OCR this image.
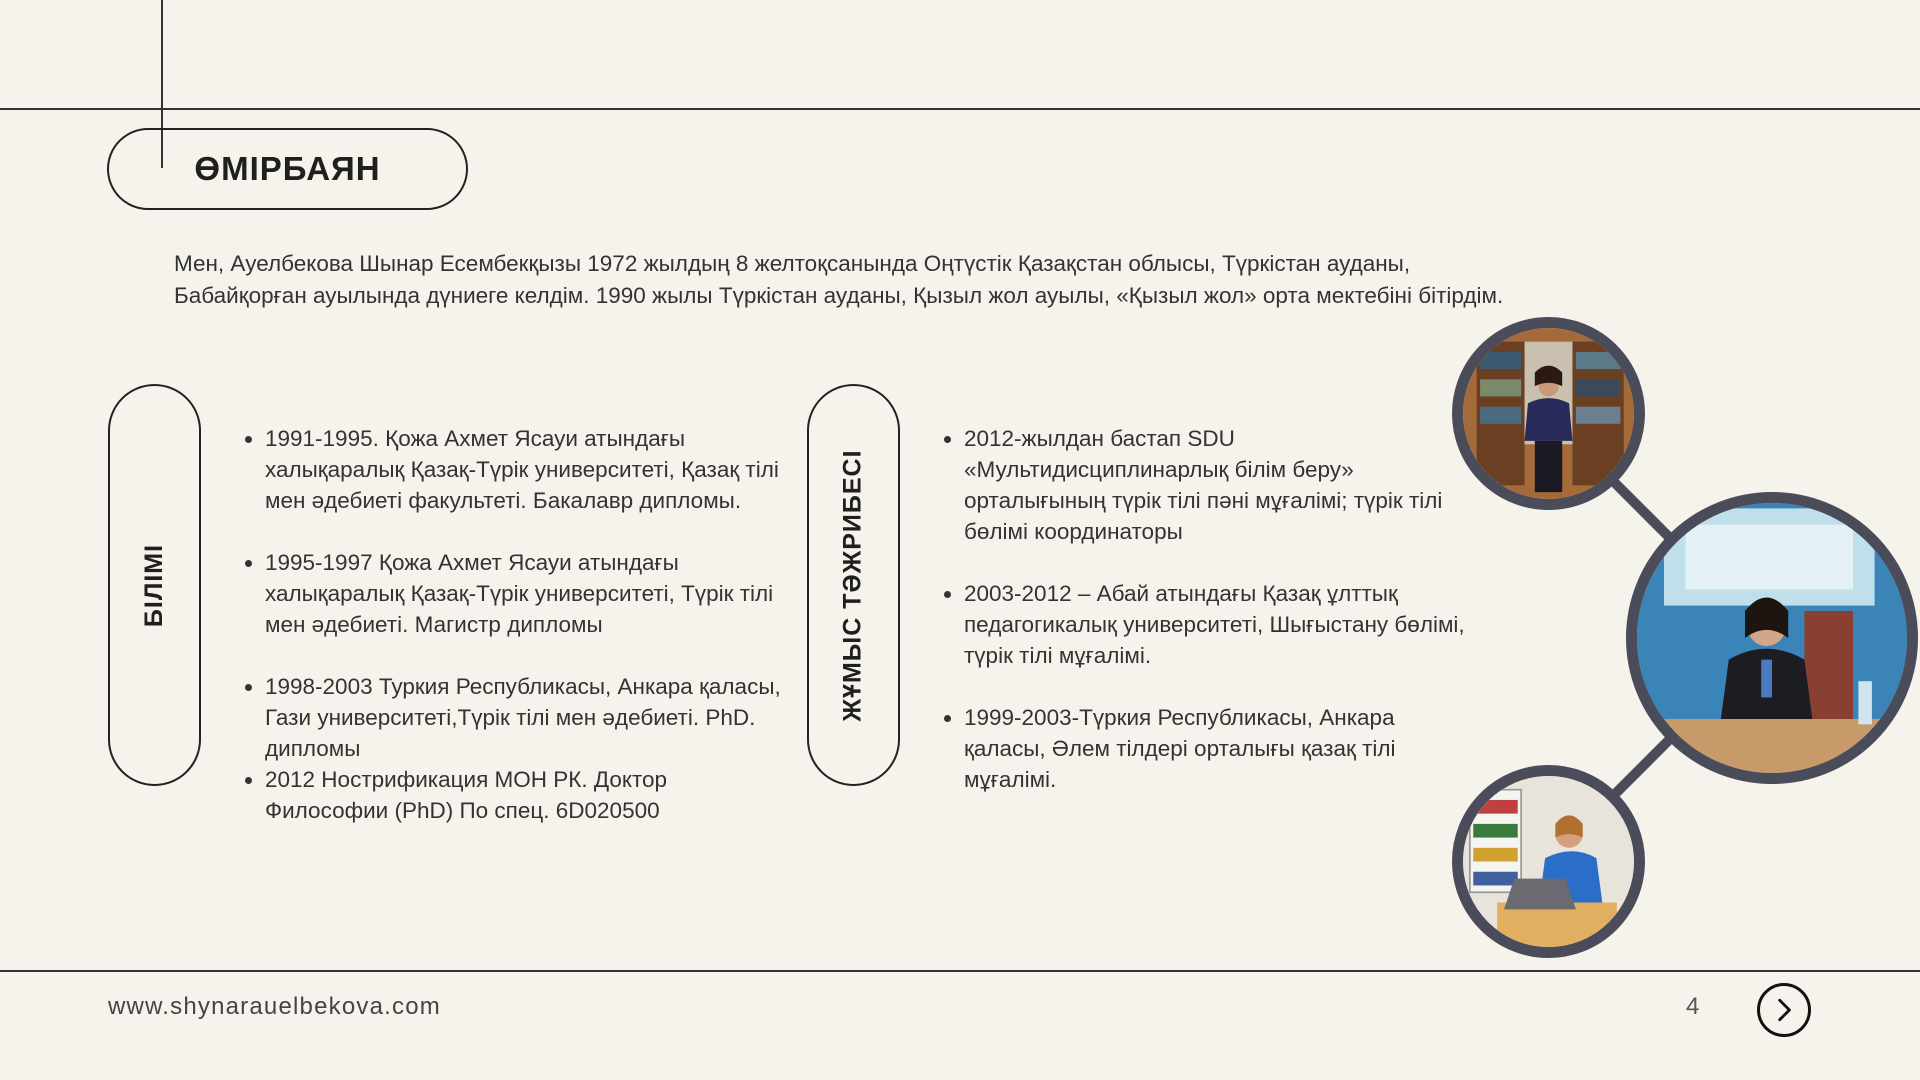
ӨМІРБАЯН
Мен, Ауелбекова Шынар Есембекқызы 1972 жылдың 8 желтоқсанында Оңтүстік Қазақстан облысы, Түркістан ауданы,
Бабайқорған ауылында дүниеге келдім. 1990 жылы Түркістан ауданы, Қызыл жол ауылы, «Қызыл жол» орта мектебіні бітірдім.
БІЛІМІ
1991-1995. Қожа Ахмет Ясауи атындағы халықаралық Қазақ-Түрік университеті, Қазақ тілі мен әдебиеті факультеті. Бакалавр дипломы.
1995-1997 Қожа Ахмет Ясауи атындағы халықаралық Қазақ-Түрік университеті, Түрік тілі мен әдебиеті. Магистр дипломы
1998-2003 Туркия Республикасы, Анкара қаласы, Гази университеті,Түрік тілі мен әдебиеті. PhD. дипломы
2012 Нострификация МОН РК. Доктор Философии (PhD) По спец. 6D020500
ЖҰМЫС ТӘЖРИБЕСІ
2012-жылдан бастап SDU «Мультидисциплинарлық білім беру» орталығының түрік тілі пәні мұғалімі; түрік тілі бөлімі координаторы
2003-2012 – Абай атындағы Қазақ ұлттық педагогикалық университеті, Шығыстану бөлімі, түрік тілі мұғалімі.
1999-2003-Түркия Республикасы, Анкара қаласы, Әлем тілдері орталығы қазақ тілі мұғалімі.
www.shynarauelbekova.com	4
